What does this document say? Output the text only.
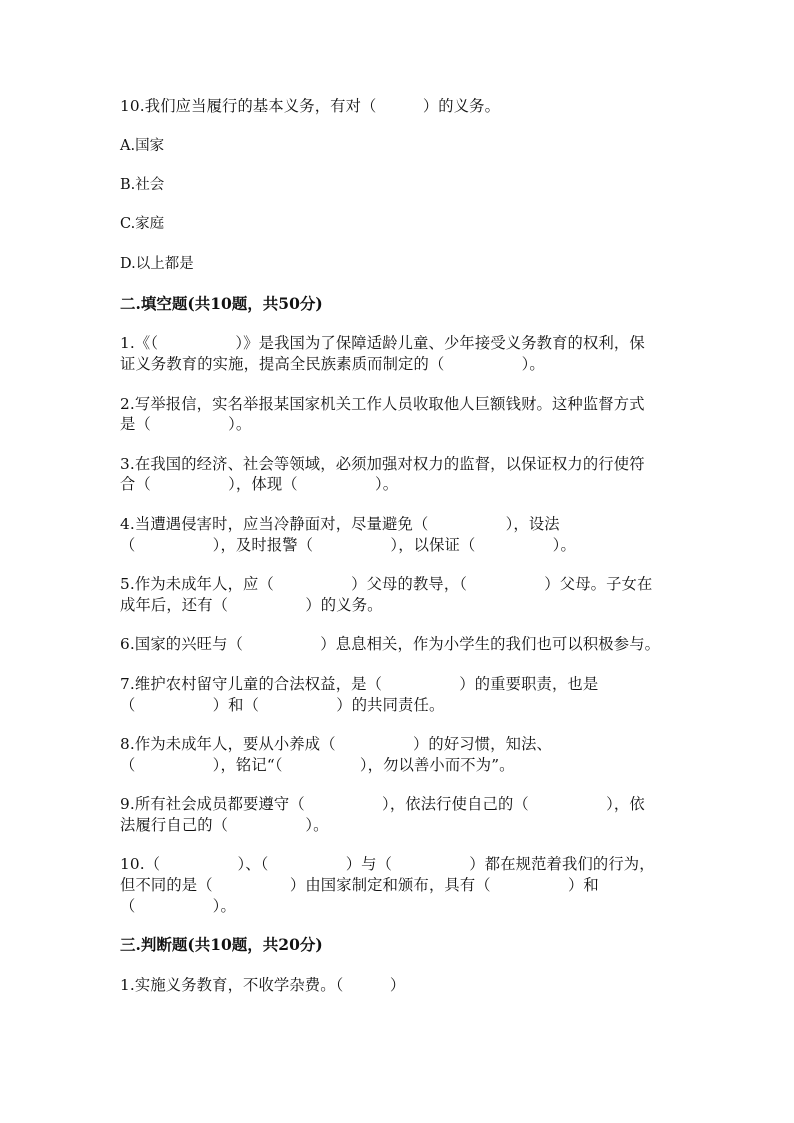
10.我们应当履行的基本义务，有对（　　　）的义务。
A.国家
B.社会
C.家庭
D.以上都是
二.填空题(共10题，共50分)
1.《（　　　　　）》是我国为了保障适龄儿童、少年接受义务教育的权利，保
证义务教育的实施，提高全民族素质而制定的（　　　　　）。
2.写举报信，实名举报某国家机关工作人员收取他人巨额钱财。这种监督方式
是（　　　　　）。
3.在我国的经济、社会等领域，必须加强对权力的监督，以保证权力的行使符
合（　　　　　），体现（　　　　　）。
4.当遭遇侵害时，应当冷静面对，尽量避免（　　　　　），设法
（　　　　　），及时报警（　　　　　），以保证（　　　　　）。
5.作为未成年人，应（　　　　　）父母的教导，（　　　　　）父母。子女在
成年后，还有（　　　　　）的义务。
6.国家的兴旺与（　　　　　）息息相关，作为小学生的我们也可以积极参与。
7.维护农村留守儿童的合法权益，是（　　　　　）的重要职责，也是
（　　　　　）和（　　　　　）的共同责任。
8.作为未成年人，要从小养成（　　　　　）的好习惯，知法、
（　　　　　），铭记“（　　　　　），勿以善小而不为”。
9.所有社会成员都要遵守（　　　　　），依法行使自己的（　　　　　），依
法履行自己的（　　　　　）。
10.（　　　　　）、（　　　　　）与（　　　　　）都在规范着我们的行为，
但不同的是（　　　　　）由国家制定和颁布，具有（　　　　　）和
（　　　　　）。
三.判断题(共10题，共20分)
1.实施义务教育，不收学杂费。（　　　）
